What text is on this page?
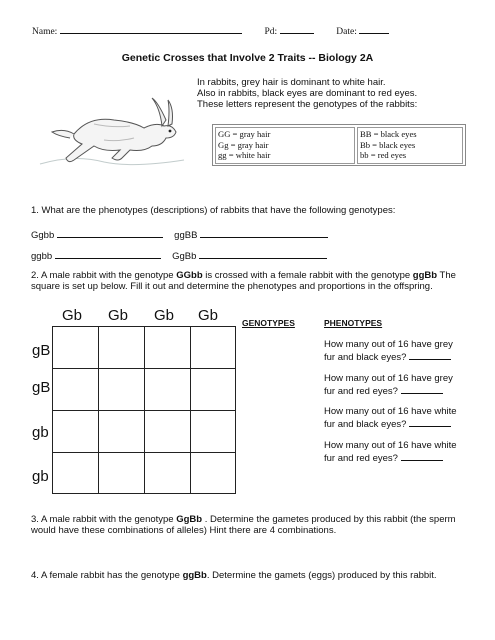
Name:	Pd:	Date:
Genetic Crosses that Involve 2 Traits -- Biology 2A
In rabbits, grey hair is dominant to white hair.
Also in rabbits, black eyes are dominant to red eyes.
These letters represent the genotypes of the rabbits:
GG = gray hair
Gg = gray hair
gg = white hair
BB = black eyes
Bb = black eyes
bb = red eyes
1. What are the phenotypes (descriptions) of rabbits that have the following genotypes:
Ggbb	ggBB
ggbb	GgBb
2. A male rabbit with the genotype GGbb is crossed with a female rabbit with the genotype ggBb The
square is set up below. Fill it out and determine the phenotypes and proportions in the offspring.
Gb Gb Gb Gb
gB
gB
gb
gb
GENOTYPES	PHENOTYPES
How many out of 16 have grey
fur and black eyes?
How many out of 16 have grey
fur and red eyes?
How many out of 16 have white
fur and black eyes?
How many out of 16 have white
fur and red eyes?
3. A male rabbit with the genotype GgBb . Determine the gametes produced by this rabbit (the sperm
would have these combinations of alleles) Hint there are 4 combinations.
4. A female rabbit has the genotype ggBb. Determine the gamets (eggs) produced by this rabbit.
